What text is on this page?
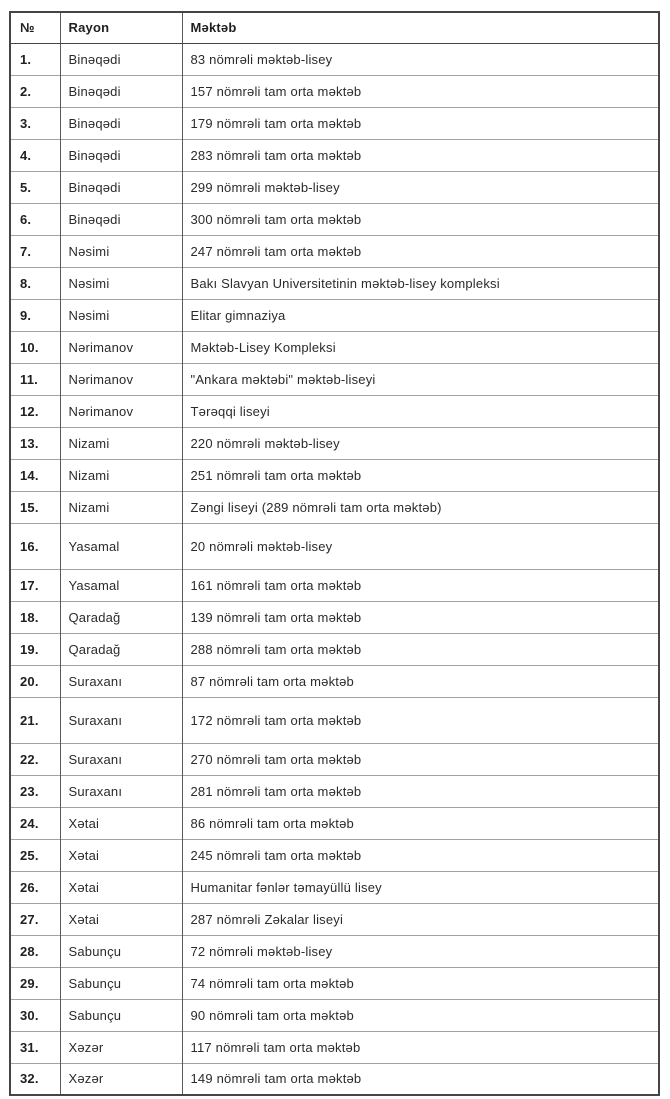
№	Rayon	Məktəb
1.	Binəqədi	83 nömrəli məktəb-lisey
2.	Binəqədi	157 nömrəli tam orta məktəb
3.	Binəqədi	179 nömrəli tam orta məktəb
4.	Binəqədi	283 nömrəli tam orta məktəb
5.	Binəqədi	299 nömrəli məktəb-lisey
6.	Binəqədi	300 nömrəli tam orta məktəb
7.	Nəsimi	247 nömrəli tam orta məktəb
8.	Nəsimi	Bakı Slavyan Universitetinin məktəb-lisey kompleksi
9.	Nəsimi	Elitar gimnaziya
10.	Nərimanov	Məktəb-Lisey Kompleksi
11.	Nərimanov	"Ankara məktəbi" məktəb-liseyi
12.	Nərimanov	Tərəqqi liseyi
13.	Nizami	220 nömrəli məktəb-lisey
14.	Nizami	251 nömrəli tam orta məktəb
15.	Nizami	Zəngi liseyi (289 nömrəli tam orta məktəb)
16.	Yasamal	20 nömrəli məktəb-lisey
17.	Yasamal	161 nömrəli tam orta məktəb
18.	Qaradağ	139 nömrəli tam orta məktəb
19.	Qaradağ	288 nömrəli tam orta məktəb
20.	Suraxanı	87 nömrəli tam orta məktəb
21.	Suraxanı	172 nömrəli tam orta məktəb
22.	Suraxanı	270 nömrəli tam orta məktəb
23.	Suraxanı	281 nömrəli tam orta məktəb
24.	Xətai	86 nömrəli tam orta məktəb
25.	Xətai	245 nömrəli tam orta məktəb
26.	Xətai	Humanitar fənlər təmayüllü lisey
27.	Xətai	287 nömrəli Zəkalar liseyi
28.	Sabunçu	72 nömrəli məktəb-lisey
29.	Sabunçu	74 nömrəli tam orta məktəb
30.	Sabunçu	90 nömrəli tam orta məktəb
31.	Xəzər	117 nömrəli tam orta məktəb
32.	Xəzər	149 nömrəli tam orta məktəb
